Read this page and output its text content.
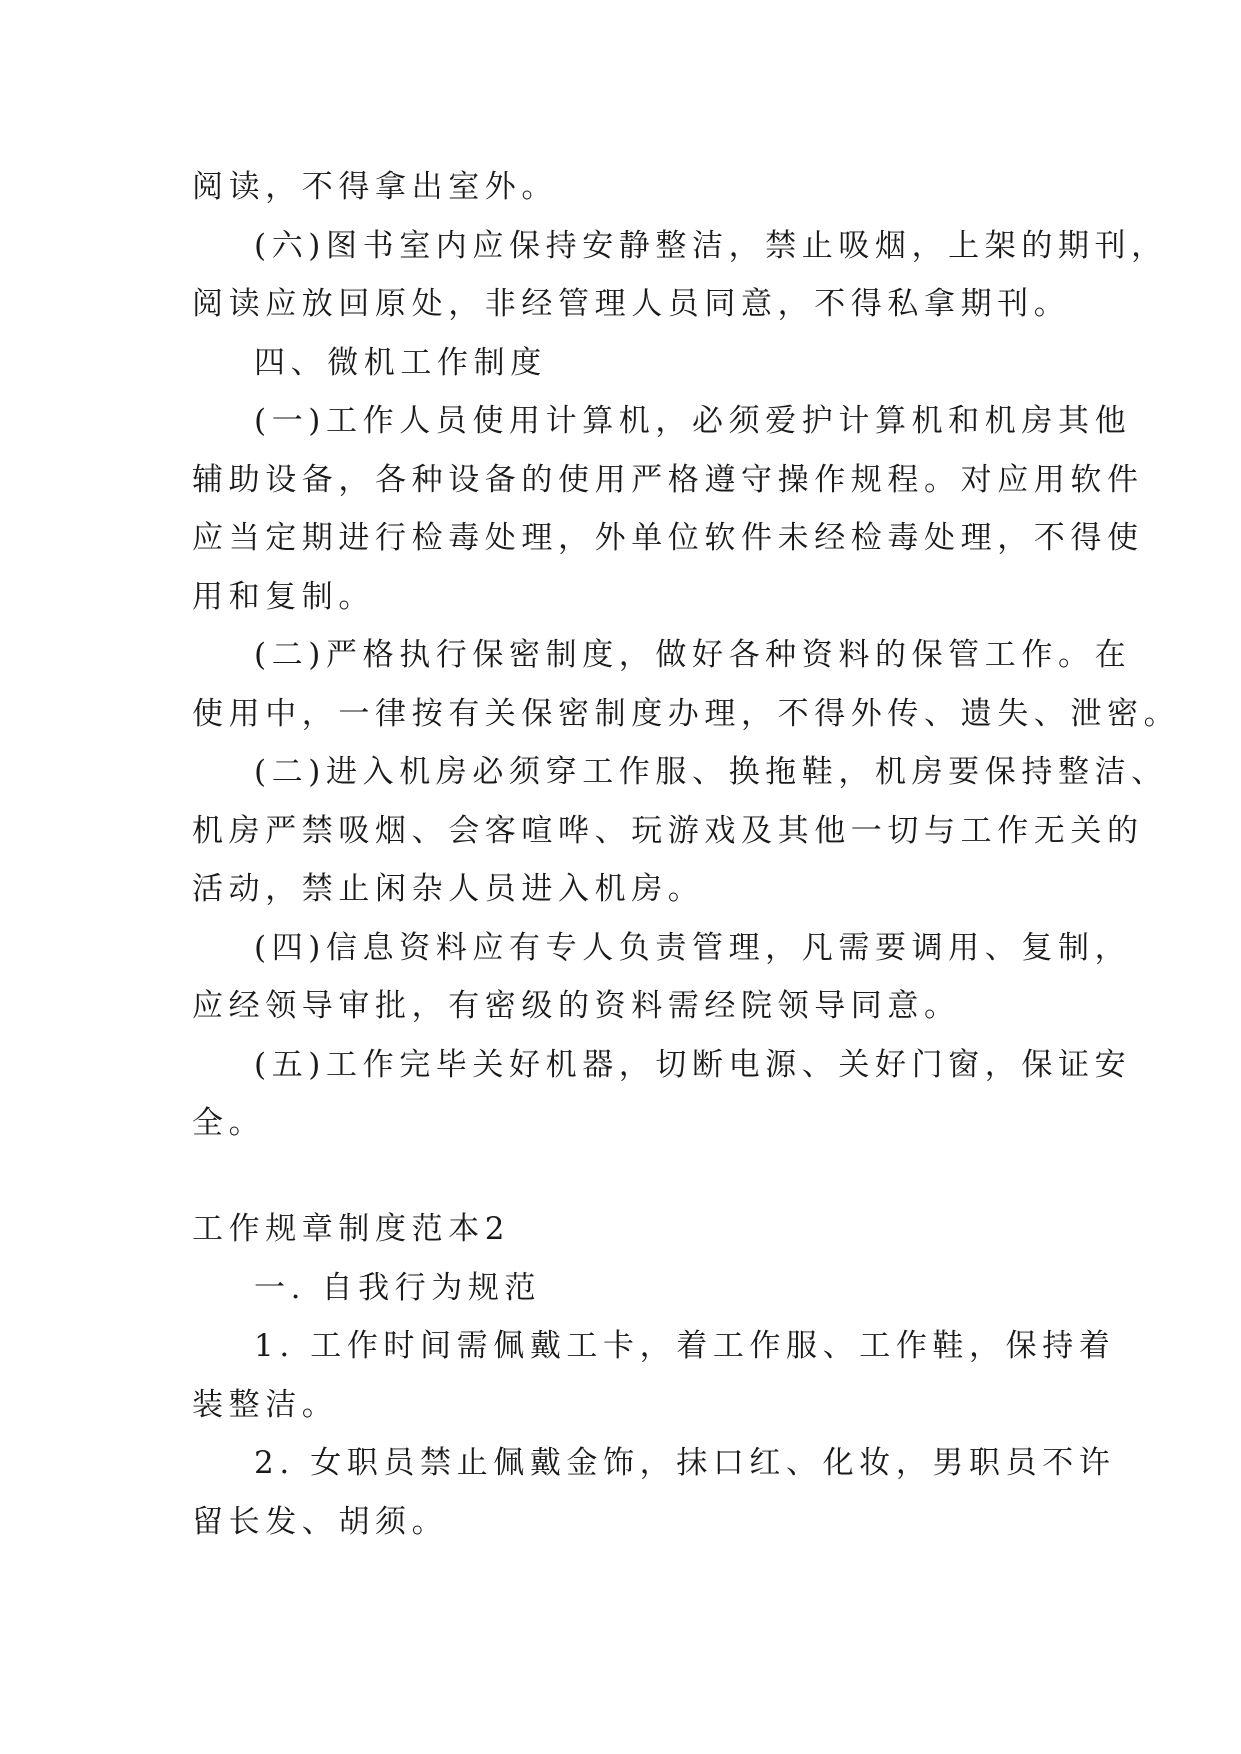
阅读，不得拿出室外。
(六)图书室内应保持安静整洁，禁止吸烟，上架的期刊，
阅读应放回原处，非经管理人员同意，不得私拿期刊。
四、微机工作制度
(一)工作人员使用计算机，必须爱护计算机和机房其他
辅助设备，各种设备的使用严格遵守操作规程。对应用软件
应当定期进行检毒处理，外单位软件未经检毒处理，不得使
用和复制。
(二)严格执行保密制度，做好各种资料的保管工作。在
使用中，一律按有关保密制度办理，不得外传、遗失、泄密。
(二)进入机房必须穿工作服、换拖鞋，机房要保持整洁、
机房严禁吸烟、会客喧哗、玩游戏及其他一切与工作无关的
活动，禁止闲杂人员进入机房。
(四)信息资料应有专人负责管理，凡需要调用、复制，
应经领导审批，有密级的资料需经院领导同意。
(五)工作完毕关好机器，切断电源、关好门窗，保证安
全。
工作规章制度范本2
一. 自我行为规范
1. 工作时间需佩戴工卡，着工作服、工作鞋，保持着
装整洁。
2. 女职员禁止佩戴金饰，抹口红、化妆，男职员不许
留长发、胡须。
